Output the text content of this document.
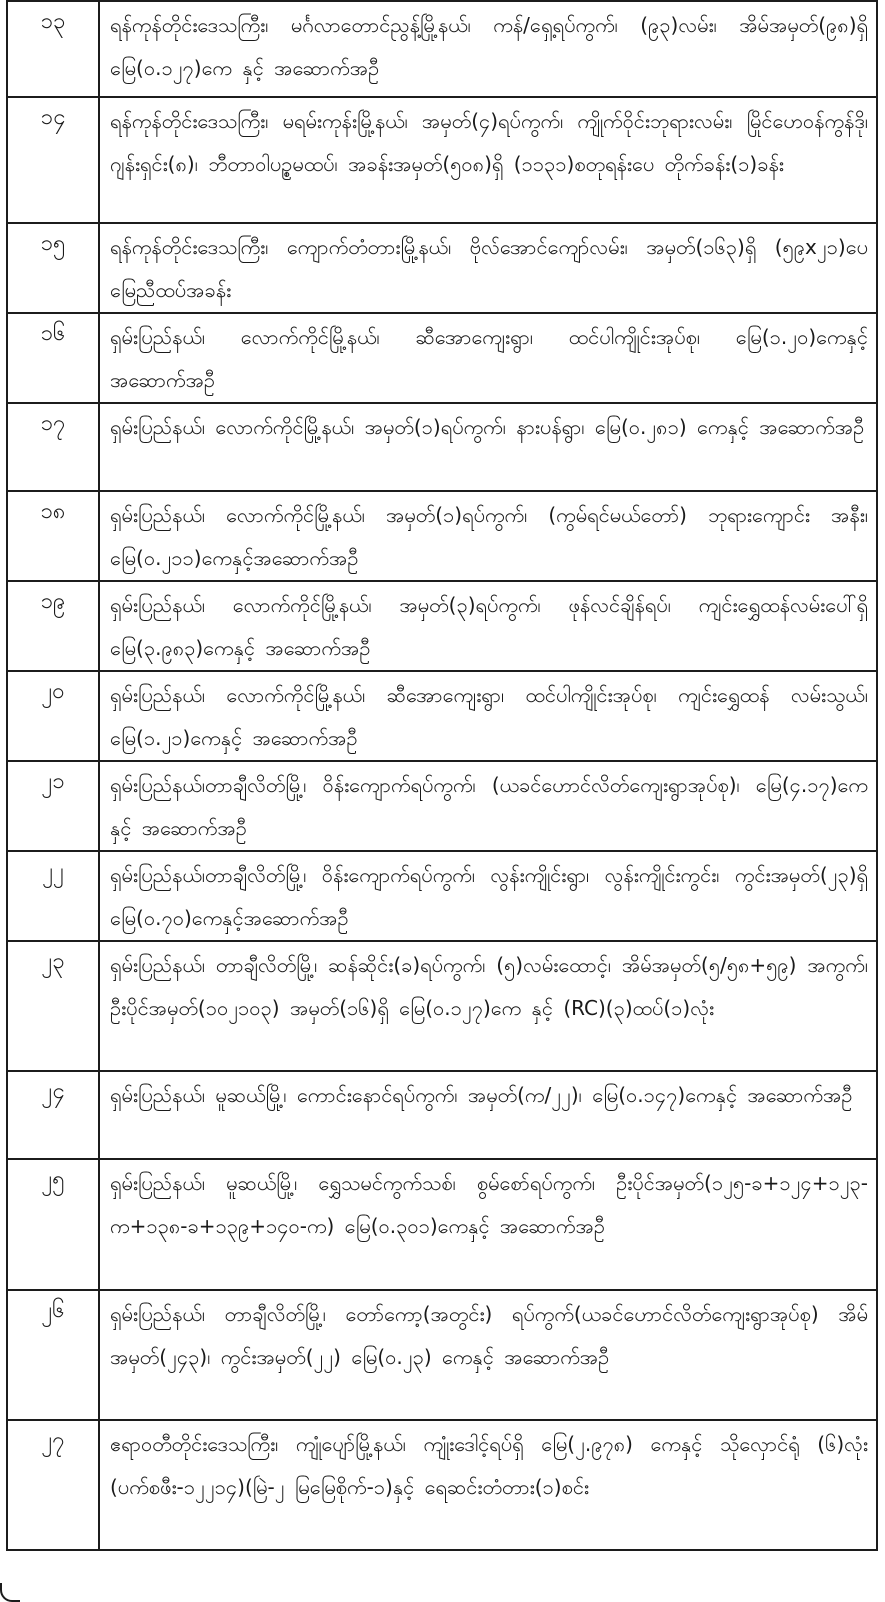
၁၃	ရန်ကုန်တိုင်းဒေသကြီး၊ မင်္ဂလာတောင်ညွန့်မြို့နယ်၊ ကန်/ရှေ့ရပ်ကွက်၊ (၉၃)လမ်း၊ အိမ်အမှတ်(၉၈)ရှိ မြေ(၀.၁၂၇)ကေ နှင့် အဆောက်အဦ
၁၄	ရန်ကုန်တိုင်းဒေသကြီး၊ မရမ်းကုန်းမြို့နယ်၊ အမှတ်(၄)ရပ်ကွက်၊ ကျိုက်ဝိုင်းဘုရားလမ်း၊ မြိုင်ဟေဝန်ကွန်ဒို၊ ဂျန်းရှင်း(၈)၊ ဘီတာ၀ါပဥ္စမထပ်၊ အခန်းအမှတ်(၅၀၈)ရှိ (၁၁၃၁)စတုရန်းပေ တိုက်ခန်း(၁)ခန်း
၁၅	ရန်ကုန်တိုင်းဒေသကြီး၊ ကျောက်တံတားမြို့နယ်၊ ဗိုလ်အောင်ကျော်လမ်း၊ အမှတ်(၁၆၃)ရှိ (၅၉x၂၁)ပေ မြေညီထပ်အခန်း
၁၆	ရှမ်းပြည်နယ်၊ လောက်ကိုင်မြို့နယ်၊ ဆီအောကျေးရွာ၊ ထင်ပါကျိုင်းအုပ်စု၊ မြေ(၁.၂၀)ကေနှင့် အဆောက်အဦ
၁၇	ရှမ်းပြည်နယ်၊ လောက်ကိုင်မြို့နယ်၊ အမှတ်(၁)ရပ်ကွက်၊ နားပန်ရွာ၊ မြေ(၀.၂၈၁) ကေနှင့် အဆောက်အဦ
၁၈	ရှမ်းပြည်နယ်၊ လောက်ကိုင်မြို့နယ်၊ အမှတ်(၁)ရပ်ကွက်၊ (ကွမ်ရင်မယ်တော်) ဘုရားကျောင်း အနီး၊ မြေ(၀.၂၁၁)ကေနှင့်အဆောက်အဦ
၁၉	ရှမ်းပြည်နယ်၊ လောက်ကိုင်မြို့နယ်၊ အမှတ်(၃)ရပ်ကွက်၊ ဖုန်လင်ချိန်ရပ်၊ ကျင်းရွှေထန်လမ်းပေါ်ရှိ မြေ(၃.၉၈၃)ကေနှင့် အဆောက်အဦ
၂၀	ရှမ်းပြည်နယ်၊ လောက်ကိုင်မြို့နယ်၊ ဆီအောကျေးရွာ၊ ထင်ပါကျိုင်းအုပ်စု၊ ကျင်းရွှေထန် လမ်းသွယ်၊ မြေ(၁.၂၁)ကေနှင့် အဆောက်အဦ
၂၁	ရှမ်းပြည်နယ်၊တာချီလိတ်မြို့၊ ဝိန်းကျောက်ရပ်ကွက်၊ (ယခင်ဟောင်လိတ်ကျေးရွာအုပ်စု)၊ မြေ(၄.၁၇)ကေနှင့် အဆောက်အဦ
၂၂	ရှမ်းပြည်နယ်၊တာချီလိတ်မြို့၊ ဝိန်းကျောက်ရပ်ကွက်၊ လွန်းကျိုင်းရွာ၊ လွန်းကျိုင်းကွင်း၊ ကွင်းအမှတ်(၂၃)ရှိ မြေ(၀.၇၀)ကေနှင့်အဆောက်အဦ
၂၃	ရှမ်းပြည်နယ်၊ တာချီလိတ်မြို့၊ ဆန်ဆိုင်း(ခ)ရပ်ကွက်၊ (၅)လမ်းထောင့်၊ အိမ်အမှတ်(၅/၅၈+၅၉) အကွက်၊ ဦးပိုင်အမှတ်(၁၀၂၁၀၃) အမှတ်(၁၆)ရှိ မြေ(၀.၁၂၇)ကေ နှင့် (RC)(၃)ထပ်(၁)လုံး
၂၄	ရှမ်းပြည်နယ်၊ မူဆယ်မြို့၊ ကောင်းနောင်ရပ်ကွက်၊ အမှတ်(က/၂၂)၊ မြေ(၀.၁၄၇)ကေနှင့် အဆောက်အဦ
၂၅	ရှမ်းပြည်နယ်၊ မူဆယ်မြို့၊ ရွှေသမင်ကွက်သစ်၊ စွမ်စော်ရပ်ကွက်၊ ဦးပိုင်အမှတ်(၁၂၅-ခ+၁၂၄+၁၂၃-က+၁၃၈-ခ+၁၃၉+၁၄၀-က) မြေ(၀.၃၀၁)ကေနှင့် အဆောက်အဦ
၂၆	ရှမ်းပြည်နယ်၊ တာချီလိတ်မြို့၊ တော်ကော့(အတွင်း) ရပ်ကွက်(ယခင်ဟောင်လိတ်ကျေးရွာအုပ်စု) အိမ်အမှတ်(၂၄၃)၊ ကွင်းအမှတ်(၂၂) မြေ(၀.၂၃) ကေနှင့် အဆောက်အဦ
၂၇	ဧရာဝတီတိုင်းဒေသကြီး၊ ကျုံပျော်မြို့နယ်၊ ကျုံးဒေါင့်ရပ်ရှိ မြေ(၂.၉၇၈) ကေနှင့် သိုလှောင်ရုံ (၆)လုံး (ပက်စဖီး-၁၂၂၁၄)(မြဲ-၂ မြမြေစိုက်-၁)နှင့် ရေဆင်းတံတား(၁)စင်း
